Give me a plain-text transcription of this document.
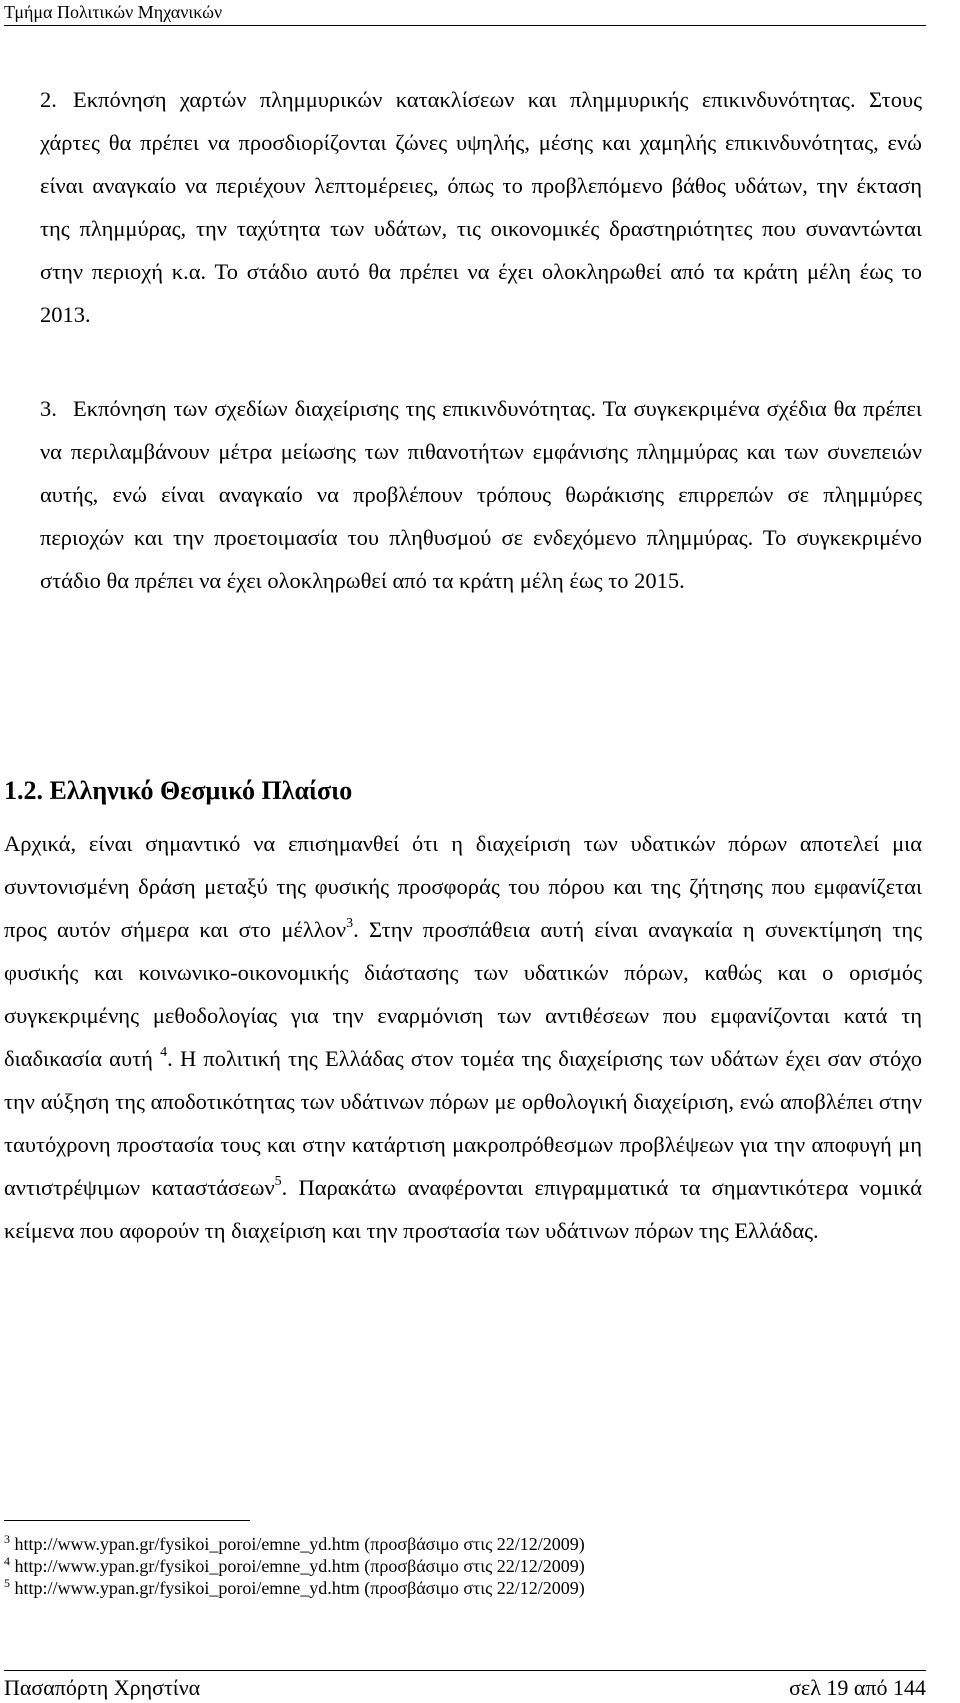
Τμήμα Πολιτικών Μηχανικών

2. Εκπόνηση χαρτών πλημμυρικών κατακλίσεων και πλημμυρικής επικινδυνότητας. Στους χάρτες θα πρέπει να προσδιορίζονται ζώνες υψηλής, μέσης και χαμηλής επικινδυνότητας, ενώ είναι αναγκαίο να περιέχουν λεπτομέρειες, όπως το προβλεπόμενο βάθος υδάτων, την έκταση της πλημμύρας, την ταχύτητα των υδάτων, τις οικονομικές δραστηριότητες που συναντώνται στην περιοχή κ.α. Το στάδιο αυτό θα πρέπει να έχει ολοκληρωθεί από τα κράτη μέλη έως το 2013.

3. Εκπόνηση των σχεδίων διαχείρισης της επικινδυνότητας. Τα συγκεκριμένα σχέδια θα πρέπει να περιλαμβάνουν μέτρα μείωσης των πιθανοτήτων εμφάνισης πλημμύρας και των συνεπειών αυτής, ενώ είναι αναγκαίο να προβλέπουν τρόπους θωράκισης επιρρεπών σε πλημμύρες περιοχών και την προετοιμασία του πληθυσμού σε ενδεχόμενο πλημμύρας. Το συγκεκριμένο στάδιο θα πρέπει να έχει ολοκληρωθεί από τα κράτη μέλη έως το 2015.

1.2. Ελληνικό Θεσμικό Πλαίσιο

Αρχικά, είναι σημαντικό να επισημανθεί ότι η διαχείριση των υδατικών πόρων αποτελεί μια συντονισμένη δράση μεταξύ της φυσικής προσφοράς του πόρου και της ζήτησης που εμφανίζεται προς αυτόν σήμερα και στο μέλλον$^3$. Στην προσπάθεια αυτή είναι αναγκαία η συνεκτίμηση της φυσικής και κοινωνικο-οικονομικής διάστασης των υδατικών πόρων, καθώς και ο ορισμός συγκεκριμένης μεθοδολογίας για την εναρμόνιση των αντιθέσεων που εμφανίζονται κατά τη διαδικασία αυτή $^4$. Η πολιτική της Ελλάδας στον τομέα της διαχείρισης των υδάτων έχει σαν στόχο την αύξηση της αποδοτικότητας των υδάτινων πόρων με ορθολογική διαχείριση, ενώ αποβλέπει στην ταυτόχρονη προστασία τους και στην κατάρτιση μακροπρόθεσμων προβλέψεων για την αποφυγή μη αντιστρέψιμων καταστάσεων$^5$. Παρακάτω αναφέρονται επιγραμματικά τα σημαντικότερα νομικά κείμενα που αφορούν τη διαχείριση και την προστασία των υδάτινων πόρων της Ελλάδας.

$^3$ http://www.ypan.gr/fysikoi_poroi/emne_yd.htm (προσβάσιμο στις 22/12/2009)
$^4$ http://www.ypan.gr/fysikoi_poroi/emne_yd.htm (προσβάσιμο στις 22/12/2009)
$^5$ http://www.ypan.gr/fysikoi_poroi/emne_yd.htm (προσβάσιμο στις 22/12/2009)
Πασαπόρτη Χρηστίνα	σελ 19 από 144
